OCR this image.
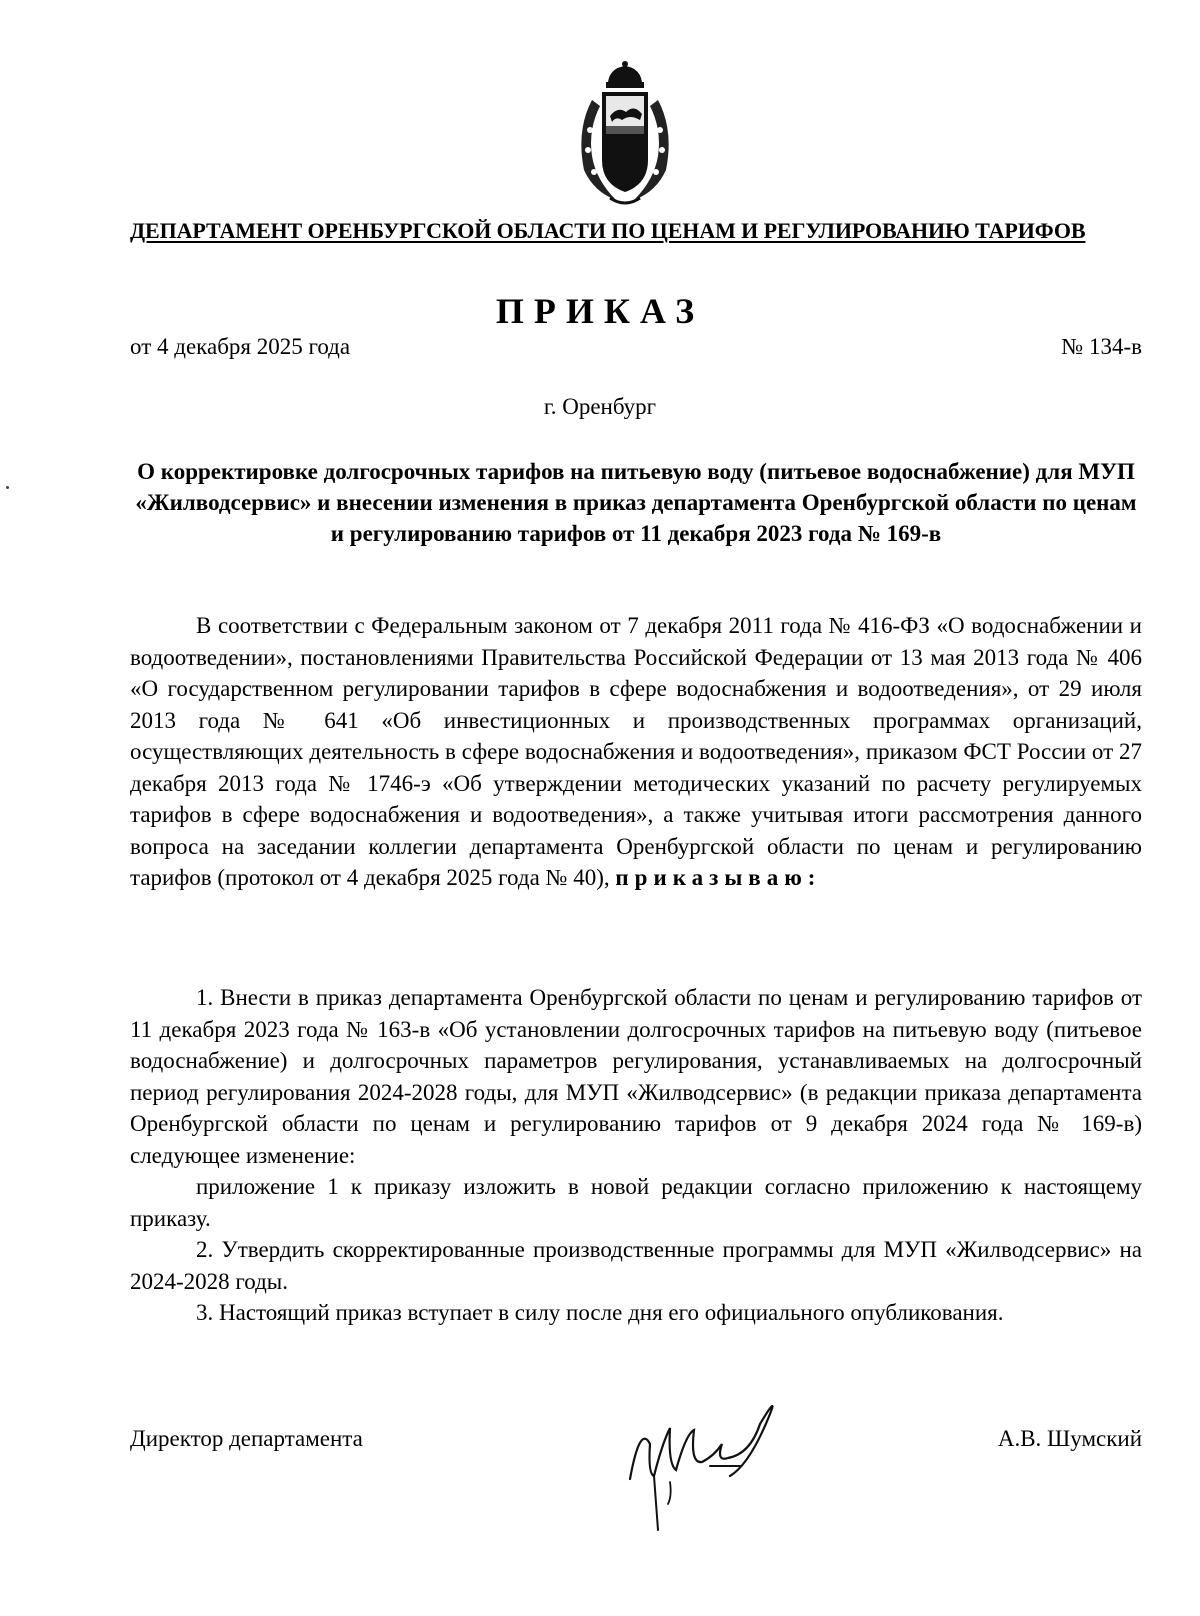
ДЕПАРТАМЕНТ ОРЕНБУРГСКОЙ ОБЛАСТИ ПО ЦЕНАМ И РЕГУЛИРОВАНИЮ ТАРИФОВ
ПРИКАЗ
от 4 декабря 2025 года	№ 134-в
г. Оренбург
О корректировке долгосрочных тарифов на питьевую воду (питьевое водоснабжение) для МУП «Жилводсервис» и внесении изменения в приказ департамента Оренбургской области по ценам и регулированию тарифов от 11 декабря 2023 года № 169-в
В соответствии с Федеральным законом от 7 декабря 2011 года № 416-ФЗ «О водоснабжении и водоотведении», постановлениями Правительства Российской Федерации от 13 мая 2013 года № 406 «О государственном регулировании тарифов в сфере водоснабжения и водоотведения», от 29 июля 2013 года № 641 «Об инвестиционных и производственных программах организаций, осуществляющих деятельность в сфере водоснабжения и водоотведения», приказом ФСТ России от 27 декабря 2013 года № 1746-э «Об утверждении методических указаний по расчету регулируемых тарифов в сфере водоснабжения и водоотведения», а также учитывая итоги рассмотрения данного вопроса на заседании коллегии департамента Оренбургской области по ценам и регулированию тарифов (протокол от 4 декабря 2025 года № 40), приказываю:
1. Внести в приказ департамента Оренбургской области по ценам и регулированию тарифов от 11 декабря 2023 года № 163-в «Об установлении долгосрочных тарифов на питьевую воду (питьевое водоснабжение) и долгосрочных параметров регулирования, устанавливаемых на долгосрочный период регулирования 2024-2028 годы, для МУП «Жилводсервис» (в редакции приказа департамента Оренбургской области по ценам и регулированию тарифов от 9 декабря 2024 года № 169-в) следующее изменение:
приложение 1 к приказу изложить в новой редакции согласно приложению к настоящему приказу.
2. Утвердить скорректированные производственные программы для МУП «Жилводсервис» на 2024-2028 годы.
3. Настоящий приказ вступает в силу после дня его официального опубликования.
Директор департамента	А.В. Шумский
